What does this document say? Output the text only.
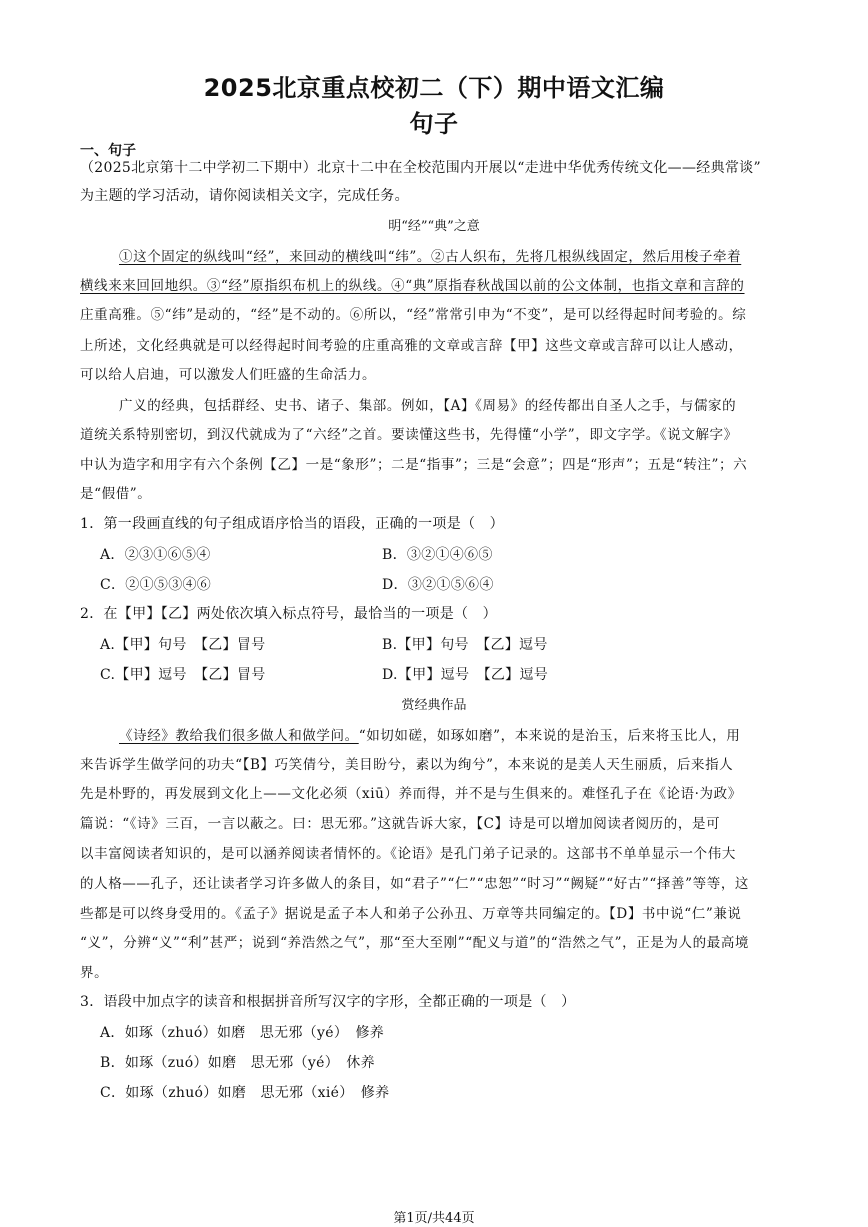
2025北京重点校初二（下）期中语文汇编
句子
一、句子
（2025北京第十二中学初二下期中）北京十二中在全校范围内开展以“走进中华优秀传统文化——经典常谈”
为主题的学习活动，请你阅读相关文字，完成任务。
明“经”“典”之意
①这个固定的纵线叫“经”，来回动的横线叫“纬”。②古人织布，先将几根纵线固定，然后用梭子牵着
横线来来回回地织。③“经”原指织布机上的纵线。④“典”原指春秋战国以前的公文体制，也指文章和言辞的
庄重高雅。⑤“纬”是动的，“经”是不动的。⑥所以，“经”常常引申为“不变”，是可以经得起时间考验的。综
上所述，文化经典就是可以经得起时间考验的庄重高雅的文章或言辞【甲】这些文章或言辞可以让人感动，
可以给人启迪，可以激发人们旺盛的生命活力。
广义的经典，包括群经、史书、诸子、集部。例如，【A】《周易》的经传都出自圣人之手，与儒家的
道统关系特别密切，到汉代就成为了“六经”之首。要读懂这些书，先得懂“小学”，即文字学。《说文解字》
中认为造字和用字有六个条例【乙】一是“象形”；二是“指事”；三是“会意”；四是“形声”；五是“转注”；六
是“假借”。
1．第一段画直线的句子组成语序恰当的语段，正确的一项是（　）
A．②③①⑥⑤④	B．③②①④⑥⑤
C．②①⑤③④⑥	D．③②①⑤⑥④
2．在【甲】【乙】两处依次填入标点符号，最恰当的一项是（　）
A.【甲】句号　【乙】冒号	B.【甲】句号　【乙】逗号
C.【甲】逗号　【乙】冒号	D.【甲】逗号　【乙】逗号
赏经典作品
《诗经》教给我们很多做人和做学问。“如切如磋，如琢如磨”，本来说的是治玉，后来将玉比人，用
来告诉学生做学问的功夫“【B】巧笑倩兮，美目盼兮，素以为绚兮”，本来说的是美人天生丽质，后来指人
先是朴野的，再发展到文化上——文化必须（xiū）养而得，并不是与生俱来的。难怪孔子在《论语·为政》
篇说：“《诗》三百，一言以蔽之。曰：思无邪。”这就告诉大家，【C】诗是可以增加阅读者阅历的，是可
以丰富阅读者知识的，是可以涵养阅读者情怀的。《论语》是孔门弟子记录的。这部书不单单显示一个伟大
的人格——孔子，还让读者学习许多做人的条目，如“君子”“仁”“忠恕”“时习”“阙疑”“好古”“择善”等等，这
些都是可以终身受用的。《孟子》据说是孟子本人和弟子公孙丑、万章等共同编定的。【D】书中说“仁”兼说
“义”，分辨“义”“利”甚严；说到“养浩然之气”，那“至大至刚”“配义与道”的“浩然之气”，正是为人的最高境
界。
3．语段中加点字的读音和根据拼音所写汉字的字形，全都正确的一项是（　）
A．如琢（zhuó）如磨　思无邪（yé）　修养
B．如琢（zuó）如磨　思无邪（yé）　休养
C．如琢（zhuó）如磨　思无邪（xié）　修养
第1页/共44页
